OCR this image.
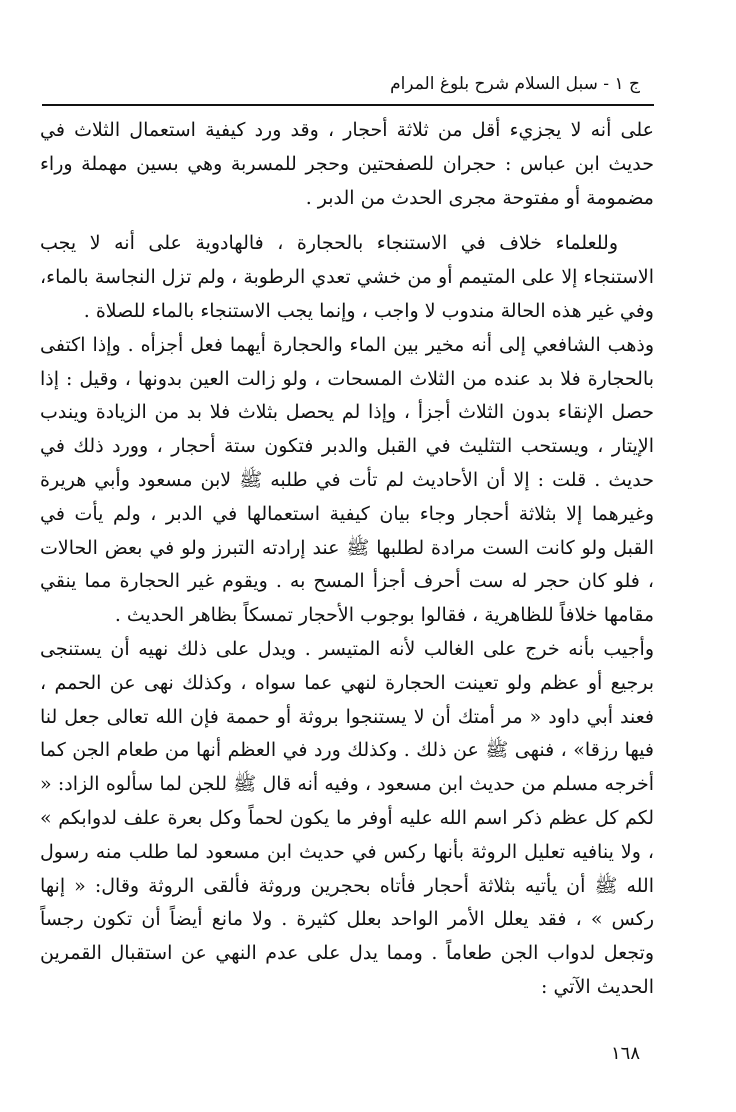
ج ١ - سبل السلام شرح بلوغ المرام

على أنه لا يجزيء أقل من ثلاثة أحجار ، وقد ورد كيفية استعمال الثلاث في حديث ابن عباس : حجران للصفحتين وحجر للمسربة وهي بسين مهملة وراء مضمومة أو مفتوحة مجرى الحدث من الدبر .

وللعلماء خلاف في الاستنجاء بالحجارة ، فالهادوية على أنه لا يجب الاستنجاء إلا على المتيمم أو من خشي تعدي الرطوبة ، ولم تزل النجاسة بالماء، وفي غير هذه الحالة مندوب لا واجب ، وإنما يجب الاستنجاء بالماء للصلاة .

وذهب الشافعي إلى أنه مخير بين الماء والحجارة أيهما فعل أجزأه . وإذا اكتفى بالحجارة فلا بد عنده من الثلاث المسحات ، ولو زالت العين بدونها ، وقيل : إذا حصل الإنقاء بدون الثلاث أجزأ ، وإذا لم يحصل بثلاث فلا بد من الزيادة ويندب الإيتار ، ويستحب التثليث في القبل والدبر فتكون ستة أحجار ، وورد ذلك في حديث . قلت : إلا أن الأحاديث لم تأت في طلبه ﷺ لابن مسعود وأبي هريرة وغيرهما إلا بثلاثة أحجار وجاء بيان كيفية استعمالها في الدبر ، ولم يأت في القبل ولو كانت الست مرادة لطلبها ﷺ عند إرادته التبرز ولو في بعض الحالات ، فلو كان حجر له ست أحرف أجزأ المسح به . ويقوم غير الحجارة مما ينقي مقامها خلافاً للظاهرية ، فقالوا بوجوب الأحجار تمسكاً بظاهر الحديث .

وأجيب بأنه خرج على الغالب لأنه المتيسر . ويدل على ذلك نهيه أن يستنجى برجيع أو عظم ولو تعينت الحجارة لنهي عما سواه ، وكذلك نهى عن الحمم ، فعند أبي داود « مر أمتك أن لا يستنجوا بروثة أو حممة فإن الله تعالى جعل لنا فيها رزقا» ، فنهى ﷺ عن ذلك . وكذلك ورد في العظم أنها من طعام الجن كما أخرجه مسلم من حديث ابن مسعود ، وفيه أنه قال ﷺ للجن لما سألوه الزاد: « لكم كل عظم ذكر اسم الله عليه أوفر ما يكون لحماً وكل بعرة علف لدوابكم » ، ولا ينافيه تعليل الروثة بأنها ركس في حديث ابن مسعود لما طلب منه رسول الله ﷺ أن يأتيه بثلاثة أحجار فأتاه بحجرين وروثة فألقى الروثة وقال: « إنها ركس » ، فقد يعلل الأمر الواحد بعلل كثيرة . ولا مانع أيضاً أن تكون رجساً وتجعل لدواب الجن طعاماً . ومما يدل على عدم النهي عن استقبال القمرين الحديث الآتي :

١٦٨
